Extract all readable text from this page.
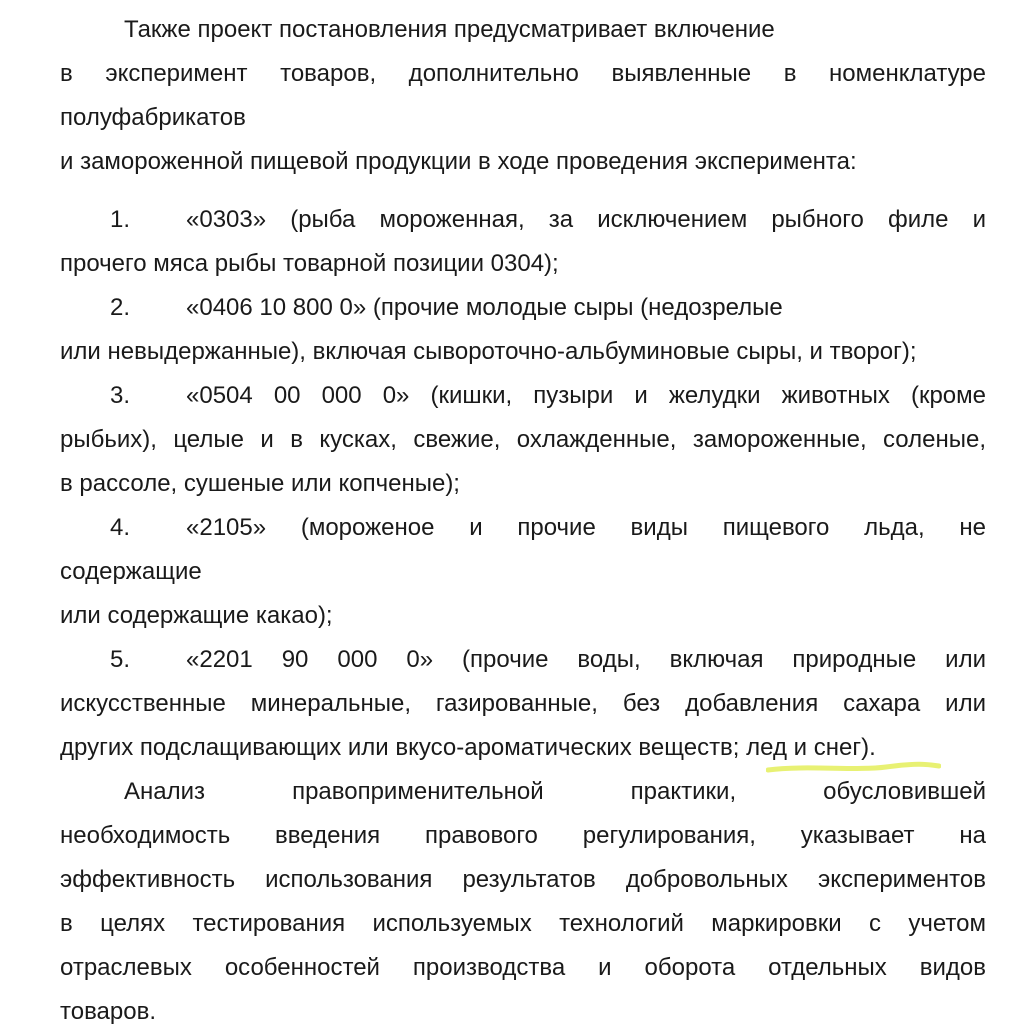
Также проект постановления предусматривает включение
в эксперимент товаров, дополнительно выявленные в номенклатуре
полуфабрикатов
и замороженной пищевой продукции в ходе проведения эксперимента:
1.	«0303» (рыба мороженная, за исключением рыбного филе и
прочего мяса рыбы товарной позиции 0304);
2.	«0406 10 800 0» (прочие молодые сыры (недозрелые
или невыдержанные), включая сывороточно-альбуминовые сыры, и творог);
3.	«0504 00 000 0» (кишки, пузыри и желудки животных (кроме
рыбьих), целые и в кусках, свежие, охлажденные, замороженные, соленые,
в рассоле, сушеные или копченые);
4.	«2105» (мороженое и прочие виды пищевого льда, не
содержащие
или содержащие какао);
5.	«2201 90 000 0» (прочие воды, включая природные или
искусственные минеральные, газированные, без добавления сахара или
других подслащивающих или вкусо-ароматических веществ; лед и снег).
Анализ правоприменительной практики, обусловившей
необходимость введения правового регулирования, указывает на
эффективность использования результатов добровольных экспериментов
в целях тестирования используемых технологий маркировки с учетом
отраслевых особенностей производства и оборота отдельных видов
товаров.
